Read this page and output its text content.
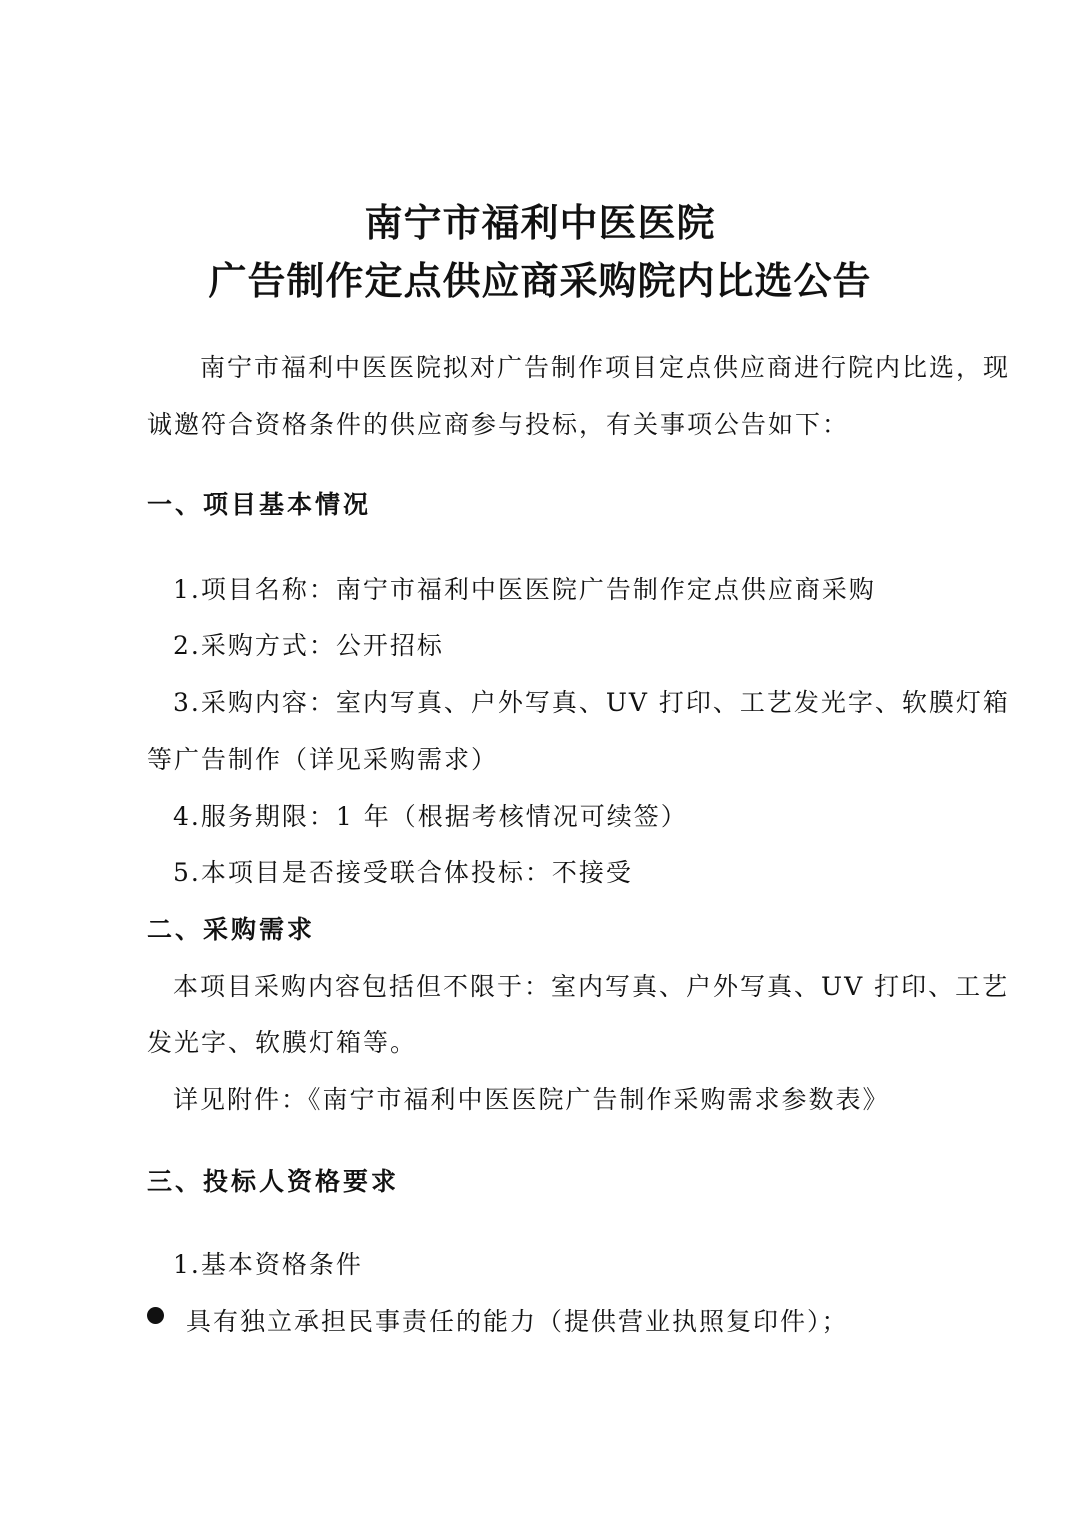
南宁市福利中医医院
广告制作定点供应商采购院内比选公告
南宁市福利中医医院拟对广告制作项目定点供应商进行院内比选，现
诚邀符合资格条件的供应商参与投标，有关事项公告如下：
一、项目基本情况
1.项目名称：南宁市福利中医医院广告制作定点供应商采购
2.采购方式：公开招标
3.采购内容：室内写真、户外写真、UV 打印、工艺发光字、软膜灯箱
等广告制作（详见采购需求）
4.服务期限：1 年（根据考核情况可续签）
5.本项目是否接受联合体投标：不接受
二、采购需求
本项目采购内容包括但不限于：室内写真、户外写真、UV 打印、工艺
发光字、软膜灯箱等。
详见附件：《南宁市福利中医医院广告制作采购需求参数表》
三、投标人资格要求
1.基本资格条件
具有独立承担民事责任的能力（提供营业执照复印件）；
